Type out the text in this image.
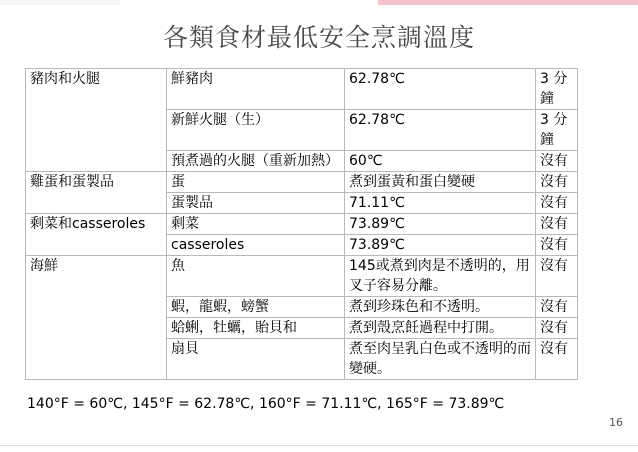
各類食材最低安全烹調溫度
豬肉和火腿	鮮豬肉	62.78℃	3 分鐘
	新鮮火腿（生）	62.78℃	3 分鐘
	預煮過的火腿（重新加熱）	60℃	沒有
雞蛋和蛋製品	蛋	煮到蛋黃和蛋白變硬	沒有
	蛋製品	71.11℃	沒有
剩菜和casseroles	剩菜	73.89℃	沒有
	casseroles	73.89℃	沒有
海鮮	魚	145或煮到肉是不透明的，用叉子容易分離。	沒有
	蝦，龍蝦，螃蟹	煮到珍珠色和不透明。	沒有
	蛤蜊，牡蠣，貽貝和	煮到殼烹飪過程中打開。	沒有
	扇貝	煮至肉呈乳白色或不透明的而變硬。	沒有
140°F = 60℃, 145°F = 62.78℃, 160°F = 71.11℃, 165°F = 73.89℃
16
